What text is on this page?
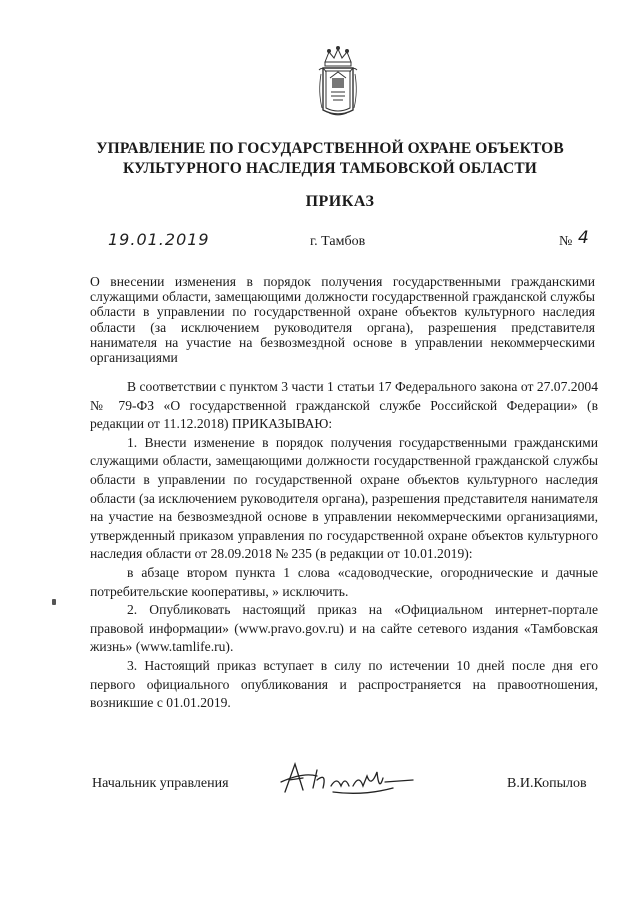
УПРАВЛЕНИЕ ПО ГОСУДАРСТВЕННОЙ ОХРАНЕ ОБЪЕКТОВ
КУЛЬТУРНОГО НАСЛЕДИЯ ТАМБОВСКОЙ ОБЛАСТИ
ПРИКАЗ
19.01.2019	г. Тамбов	№ 4
О внесении изменения в порядок получения государственными гражданскими служащими области, замещающими должности государственной гражданской службы области в управлении по государственной охране объектов культурного наследия области (за исключением руководителя органа), разрешения представителя нанимателя на участие на безвозмездной основе в управлении некоммерческими организациями

В соответствии с пунктом 3 части 1 статьи 17 Федерального закона от 27.07.2004 № 79-ФЗ «О государственной гражданской службе Российской Федерации» (в редакции от 11.12.2018) ПРИКАЗЫВАЮ:

1. Внести изменение в порядок получения государственными гражданскими служащими области, замещающими должности государственной гражданской службы области в управлении по государственной охране объектов культурного наследия области (за исключением руководителя органа), разрешения представителя нанимателя на участие на безвозмездной основе в управлении некоммерческими организациями, утвержденный приказом управления по государственной охране объектов культурного наследия области от 28.09.2018 № 235 (в редакции от 10.01.2019):

в абзаце втором пункта 1 слова «садоводческие, огороднические и дачные потребительские кооперативы, » исключить.

2. Опубликовать настоящий приказ на «Официальном интернет-портале правовой информации» (www.pravo.gov.ru) и на сайте сетевого издания «Тамбовская жизнь» (www.tamlife.ru).

3. Настоящий приказ вступает в силу по истечении 10 дней после дня его первого официального опубликования и распространяется на правоотношения, возникшие с 01.01.2019.

Начальник управления	В.И.Копылов
